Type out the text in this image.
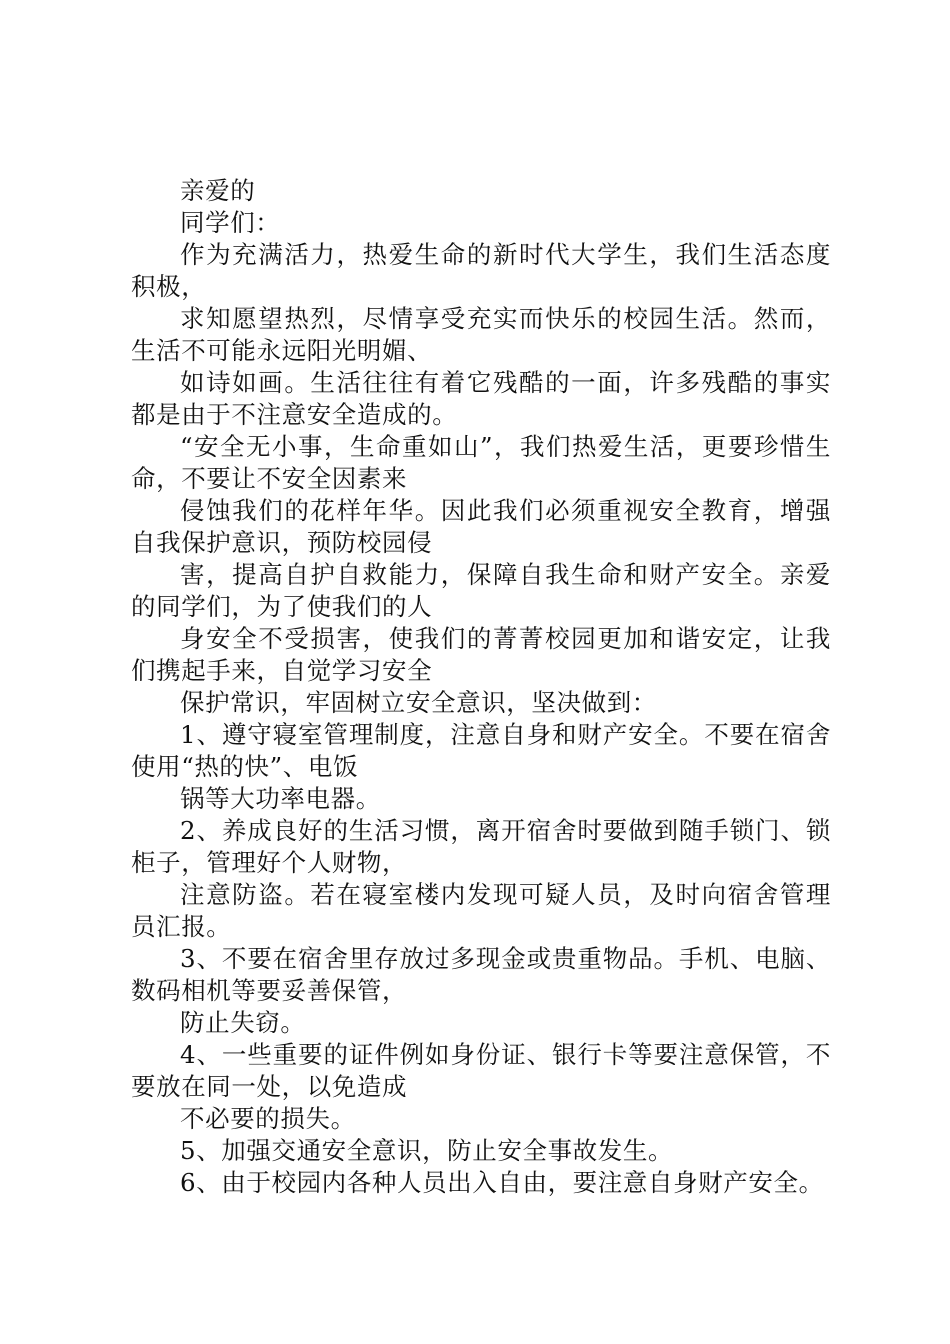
亲爱的

同学们：

作为充满活力，热爱生命的新时代大学生，我们生活态度积极，

求知愿望热烈，尽情享受充实而快乐的校园生活。然而，生活不可能永远阳光明媚、

如诗如画。生活往往有着它残酷的一面，许多残酷的事实都是由于不注意安全造成的。

“安全无小事，生命重如山”，我们热爱生活，更要珍惜生命，不要让不安全因素来

侵蚀我们的花样年华。因此我们必须重视安全教育，增强自我保护意识，预防校园侵

害，提高自护自救能力，保障自我生命和财产安全。亲爱的同学们，为了使我们的人

身安全不受损害，使我们的菁菁校园更加和谐安定，让我们携起手来，自觉学习安全

保护常识，牢固树立安全意识，坚决做到：

1、遵守寝室管理制度，注意自身和财产安全。不要在宿舍使用“热的快”、电饭

锅等大功率电器。

2、养成良好的生活习惯，离开宿舍时要做到随手锁门、锁柜子，管理好个人财物，

注意防盗。若在寝室楼内发现可疑人员，及时向宿舍管理员汇报。

3、不要在宿舍里存放过多现金或贵重物品。手机、电脑、数码相机等要妥善保管，

防止失窃。

4、一些重要的证件例如身份证、银行卡等要注意保管，不要放在同一处，以免造成

不必要的损失。

5、加强交通安全意识，防止安全事故发生。

6、由于校园内各种人员出入自由，要注意自身财产安全。
